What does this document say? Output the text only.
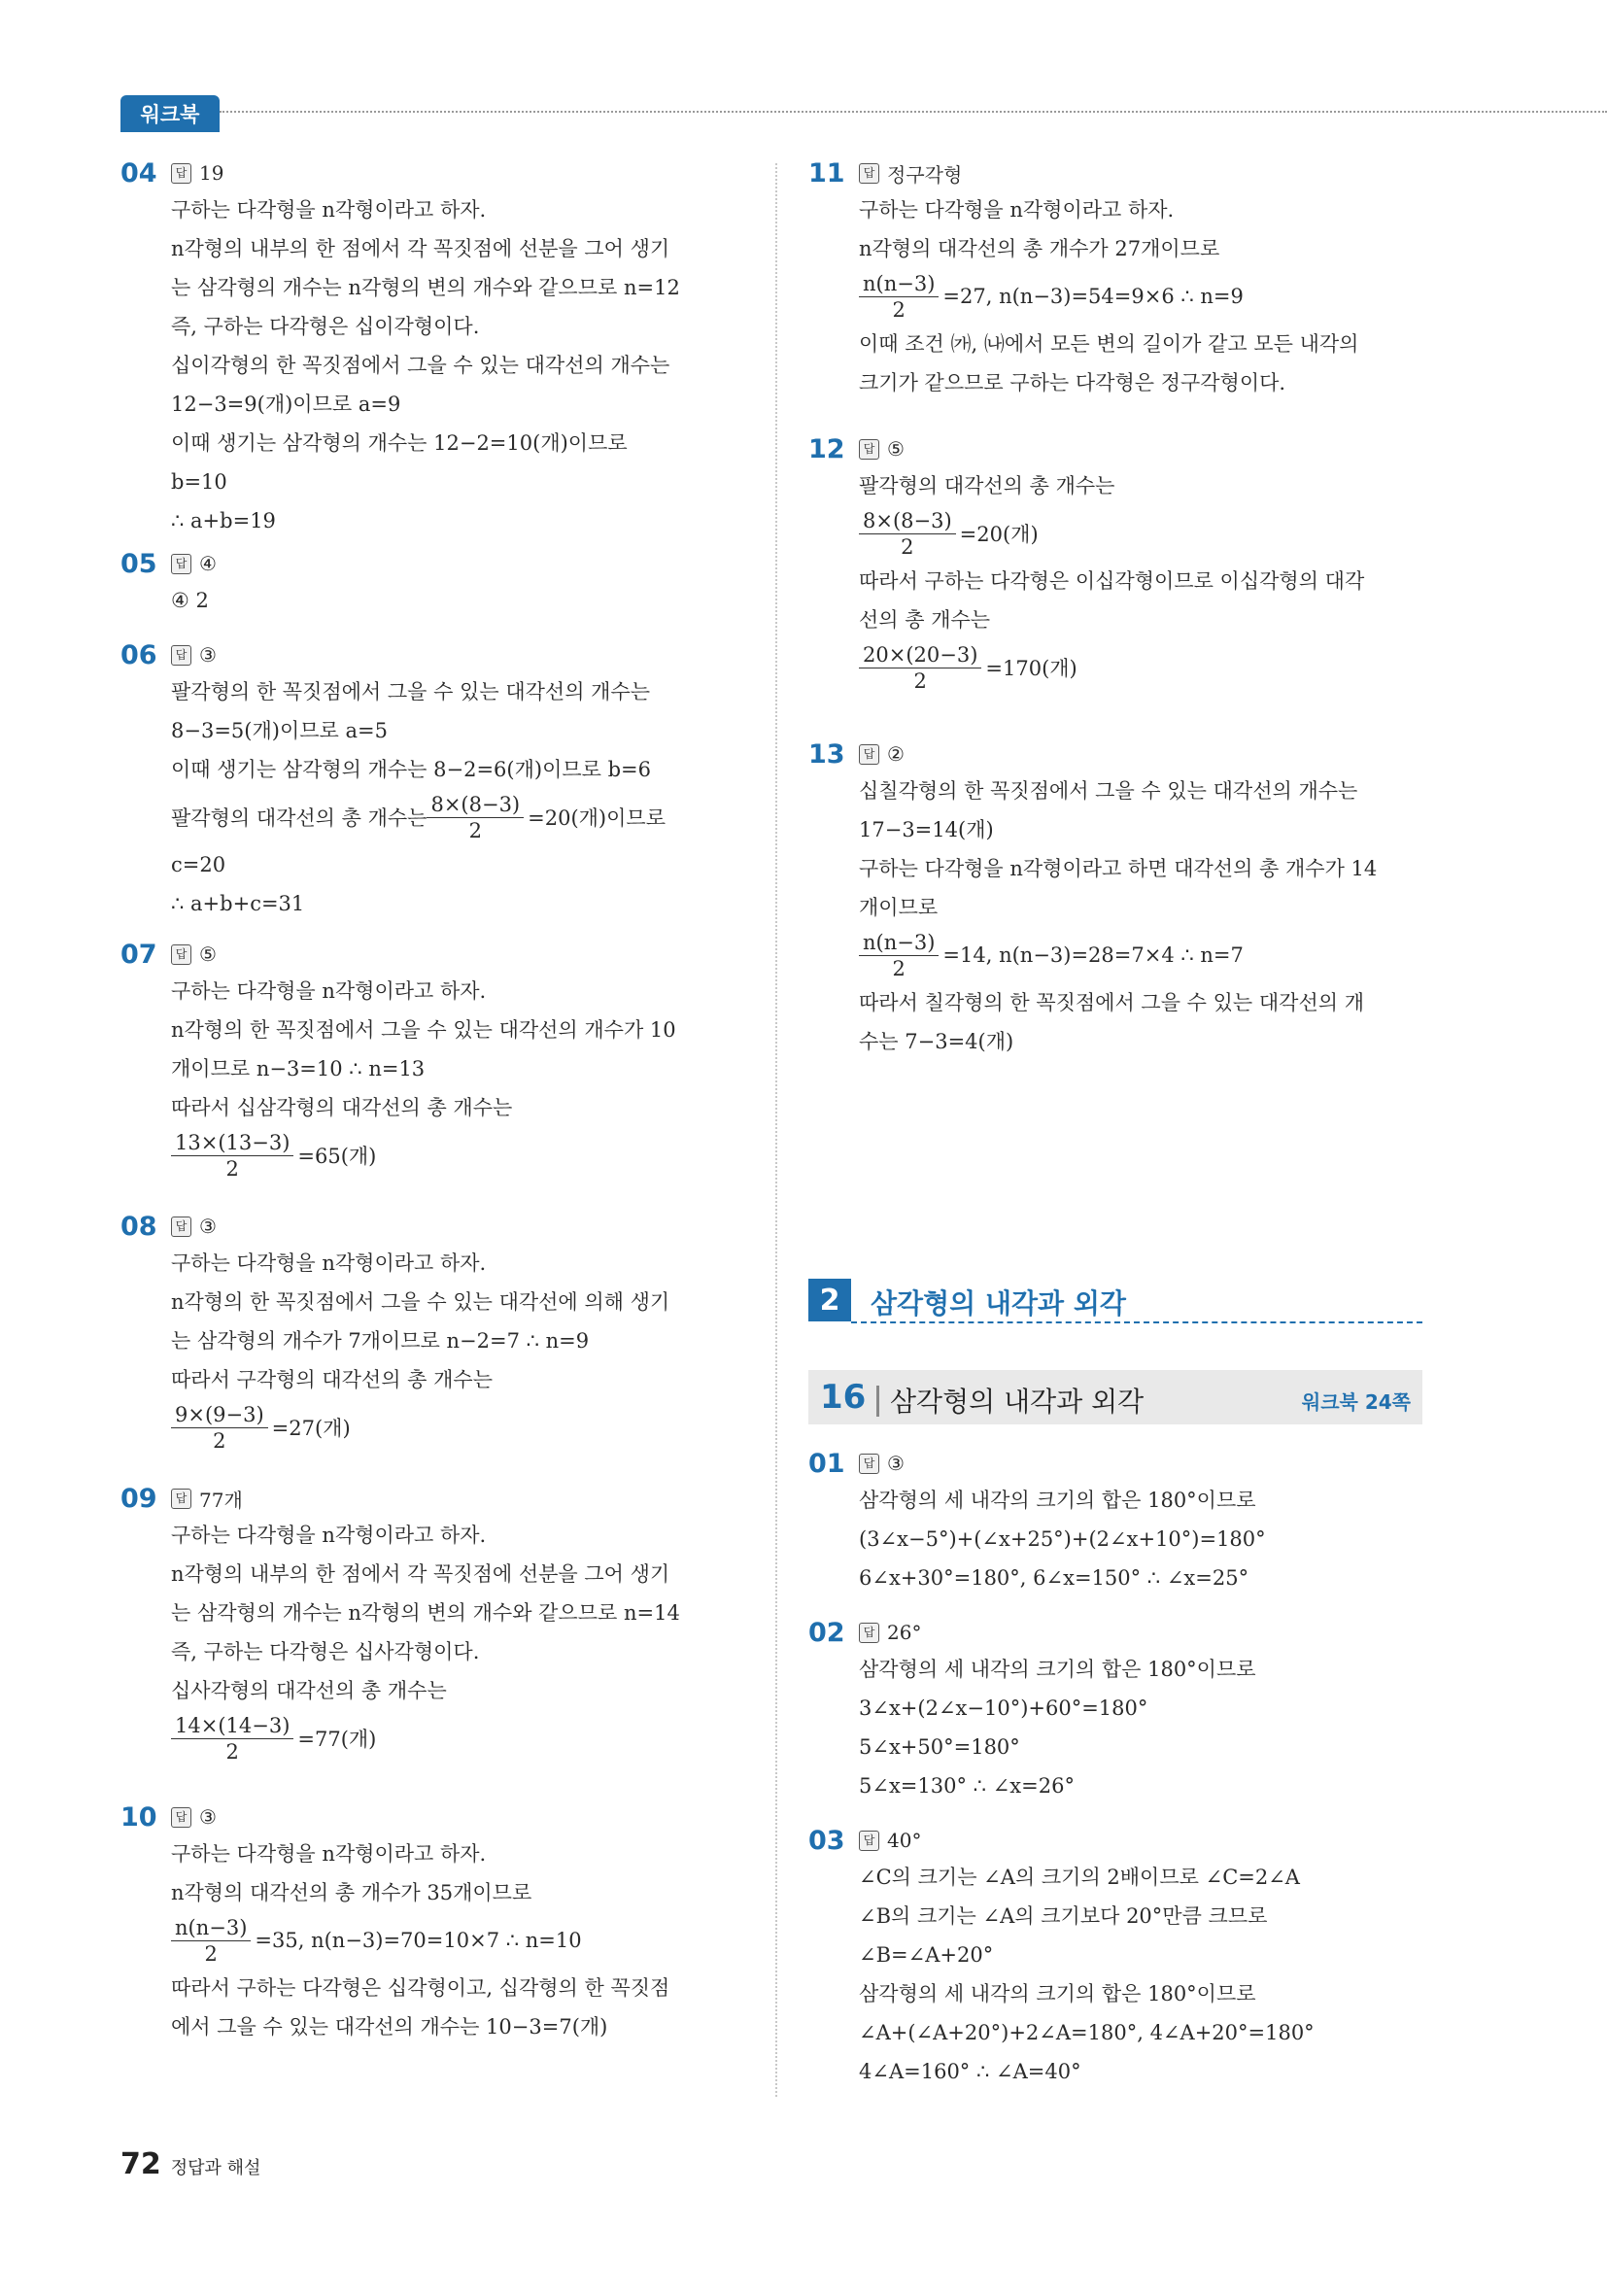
워크북
04	답 19
구하는 다각형을 n각형이라고 하자.
n각형의 내부의 한 점에서 각 꼭짓점에 선분을 그어 생기
는 삼각형의 개수는 n각형의 변의 개수와 같으므로 n=12
즉, 구하는 다각형은 십이각형이다.
십이각형의 한 꼭짓점에서 그을 수 있는 대각선의 개수는
12−3=9(개)이므로 a=9
이때 생기는 삼각형의 개수는 12−2=10(개)이므로
b=10
∴ a+b=19
05	답 ④
④ 2
06	답 ③
팔각형의 한 꼭짓점에서 그을 수 있는 대각선의 개수는
8−3=5(개)이므로 a=5
이때 생기는 삼각형의 개수는 8−2=6(개)이므로 b=6
팔각형의 대각선의 총 개수는 $\frac{8\times(8-3)}{2} =20$(개)이므로
c=20
∴ a+b+c=31
07	답 ⑤
구하는 다각형을 n각형이라고 하자.
n각형의 한 꼭짓점에서 그을 수 있는 대각선의 개수가 10
개이므로 n−3=10 ∴ n=13
따라서 십삼각형의 대각선의 총 개수는
$\frac{13\times(13-3)}{2} =65$(개)
08	답 ③
구하는 다각형을 n각형이라고 하자.
n각형의 한 꼭짓점에서 그을 수 있는 대각선에 의해 생기
는 삼각형의 개수가 7개이므로 n−2=7 ∴ n=9
따라서 구각형의 대각선의 총 개수는
$\frac{9\times(9-3)}{2} =27$(개)
09	답 77개
구하는 다각형을 n각형이라고 하자.
n각형의 내부의 한 점에서 각 꼭짓점에 선분을 그어 생기
는 삼각형의 개수는 n각형의 변의 개수와 같으므로 n=14
즉, 구하는 다각형은 십사각형이다.
십사각형의 대각선의 총 개수는
$\frac{14\times(14-3)}{2} =77$(개)
10	답 ③
구하는 다각형을 n각형이라고 하자.
n각형의 대각선의 총 개수가 35개이므로
$\frac{n(n-3)}{2} =35$, n(n−3)=70=10×7 ∴ n=10
따라서 구하는 다각형은 십각형이고, 십각형의 한 꼭짓점
에서 그을 수 있는 대각선의 개수는 10−3=7(개)
11	답 정구각형
구하는 다각형을 n각형이라고 하자.
n각형의 대각선의 총 개수가 27개이므로
$\frac{n(n-3)}{2} =27$, n(n−3)=54=9×6 ∴ n=9
이때 조건 ㈎, ㈏에서 모든 변의 길이가 같고 모든 내각의
크기가 같으므로 구하는 다각형은 정구각형이다.
12	답 ⑤
팔각형의 대각선의 총 개수는
$\frac{8\times(8-3)}{2} =20$(개)
따라서 구하는 다각형은 이십각형이므로 이십각형의 대각
선의 총 개수는
$\frac{20\times(20-3)}{2} =170$(개)
13	답 ②
십칠각형의 한 꼭짓점에서 그을 수 있는 대각선의 개수는
17−3=14(개)
구하는 다각형을 n각형이라고 하면 대각선의 총 개수가 14
개이므로
$\frac{n(n-3)}{2} =14$, n(n−3)=28=7×4 ∴ n=7
따라서 칠각형의 한 꼭짓점에서 그을 수 있는 대각선의 개
수는 7−3=4(개)
2	삼각형의 내각과 외각
16 삼각형의 내각과 외각	워크북 24쪽
01	답 ③
삼각형의 세 내각의 크기의 합은 180°이므로
(3∠x−5°)+(∠x+25°)+(2∠x+10°)=180°
6∠x+30°=180°, 6∠x=150° ∴ ∠x=25°
02	답 26°
삼각형의 세 내각의 크기의 합은 180°이므로
3∠x+(2∠x−10°)+60°=180°
5∠x+50°=180°
5∠x=130° ∴ ∠x=26°
03	답 40°
∠C의 크기는 ∠A의 크기의 2배이므로 ∠C=2∠A
∠B의 크기는 ∠A의 크기보다 20°만큼 크므로
∠B=∠A+20°
삼각형의 세 내각의 크기의 합은 180°이므로
∠A+(∠A+20°)+2∠A=180°, 4∠A+20°=180°
4∠A=160° ∴ ∠A=40°
72 정답과 해설
